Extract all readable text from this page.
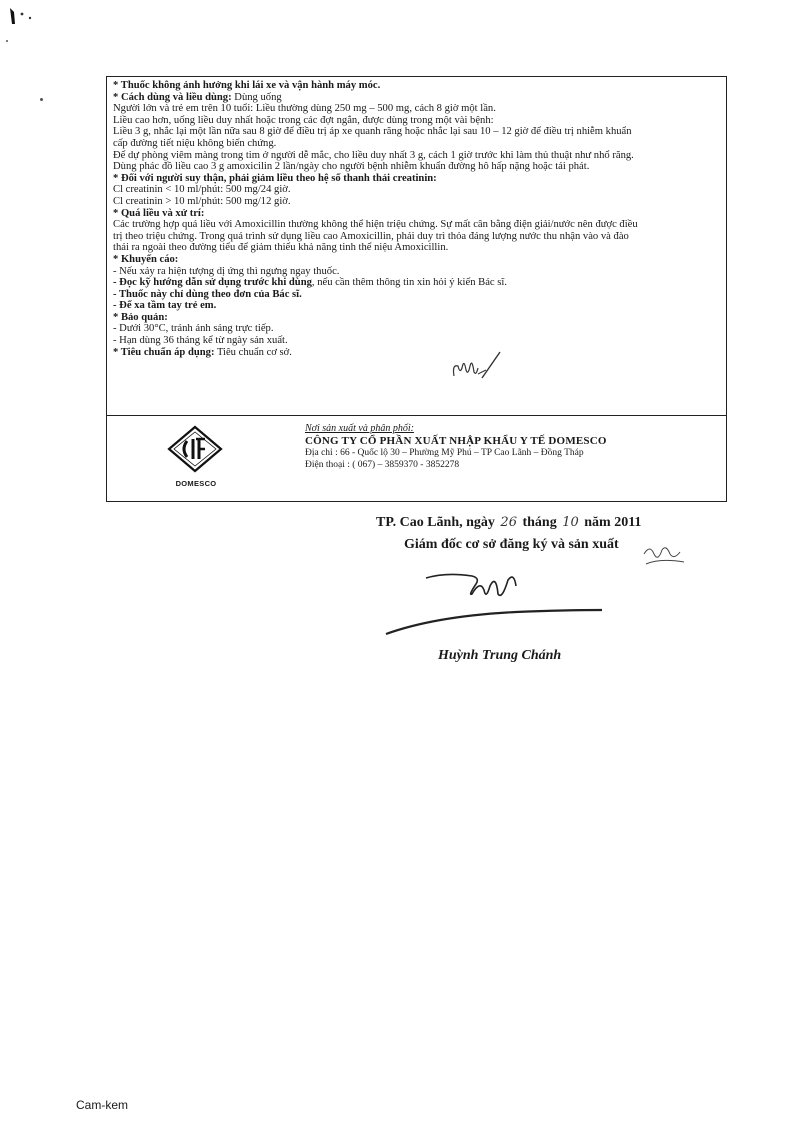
* Thuốc không ảnh hưởng khi lái xe và vận hành máy móc.

* Cách dùng và liều dùng: Dùng uống

Người lớn và trẻ em trên 10 tuổi: Liều thường dùng 250 mg – 500 mg, cách 8 giờ một lần.

Liều cao hơn, uống liều duy nhất hoặc trong các đợt ngắn, được dùng trong một vài bệnh:

Liều 3 g, nhắc lại một lần nữa sau 8 giờ để điều trị áp xe quanh răng hoặc nhắc lại sau 10 – 12 giờ để điều trị nhiễm khuẩn

cấp đường tiết niệu không biến chứng.

Để dự phòng viêm màng trong tim ở người dễ mắc, cho liều duy nhất 3 g, cách 1 giờ trước khi làm thủ thuật như nhổ răng.

Dùng phác đồ liều cao 3 g amoxicilin 2 lần/ngày cho người bệnh nhiễm khuẩn đường hô hấp nặng hoặc tái phát.

* Đối với người suy thận, phải giảm liều theo hệ số thanh thải creatinin:

Cl creatinin < 10 ml/phút: 500 mg/24 giờ.

Cl creatinin > 10 ml/phút: 500 mg/12 giờ.

* Quá liều và xử trí:

Các trường hợp quá liều với Amoxicillin thường không thể hiện triệu chứng. Sự mất cân bằng điện giải/nước nên được điều

trị theo triệu chứng. Trong quá trình sử dụng liều cao Amoxicillin, phải duy trì thỏa đáng lượng nước thu nhận vào và đào

thải ra ngoài theo đường tiểu để giảm thiểu khả năng tinh thể niệu Amoxicillin.

* Khuyến cáo:

- Nếu xảy ra hiện tượng dị ứng thì ngưng ngay thuốc.

- Đọc kỹ hướng dẫn sử dụng trước khi dùng, nếu cần thêm thông tin xin hỏi ý kiến Bác sĩ.

- Thuốc này chỉ dùng theo đơn của Bác sĩ.

- Để xa tầm tay trẻ em.

* Bảo quản:

- Dưới 30°C, tránh ánh sáng trực tiếp.

- Hạn dùng 36 tháng kể từ ngày sản xuất.

* Tiêu chuẩn áp dụng: Tiêu chuẩn cơ sở.

DOMESCO
Nơi sản xuất và phân phối:
CÔNG TY CỔ PHẦN XUẤT NHẬP KHẨU Y TẾ DOMESCO
Địa chỉ : 66 - Quốc lộ 30 – Phường Mỹ Phú – TP Cao Lãnh – Đồng Tháp
Điện thoại : ( 067) – 3859370 - 3852278
TP. Cao Lãnh, ngày 26 tháng 10 năm 2011
Giám đốc cơ sở đăng ký và sản xuất
Huỳnh Trung Chánh
Cam-kem
